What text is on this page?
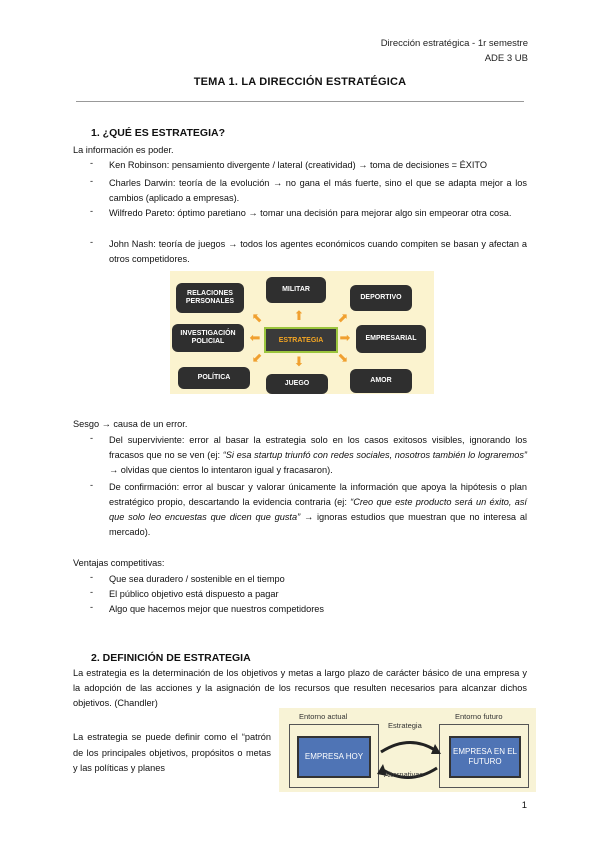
Dirección estratégica - 1r semestre
ADE 3 UB
TEMA 1. LA DIRECCIÓN ESTRATÉGICA
1. ¿QUÉ ES ESTRATEGIA?
La información es poder.
- Ken Robinson: pensamiento divergente / lateral (creatividad) → toma de decisiones = ÉXITO
- Charles Darwin: teoría de la evolución → no gana el más fuerte, sino el que se adapta mejor a los cambios (aplicado a empresas).
- Wilfredo Pareto: óptimo paretiano → tomar una decisión para mejorar algo sin empeorar otra cosa.
- John Nash: teoría de juegos → todos los agentes económicos cuando compiten se basan y afectan a otros competidores.
RELACIONES PERSONALES
MILITAR
DEPORTIVO
INVESTIGACIÓN POLICIAL	ESTRATEGIA	EMPRESARIAL
POLÍTICA
JUEGO	AMOR
⬆
⬇
⬅	➡
⬉	⬈
⬋	⬊
Sesgo → causa de un error.
- Del superviviente: error al basar la estrategia solo en los casos exitosos visibles, ignorando los fracasos que no se ven (ej: “Si esa startup triunfó con redes sociales, nosotros también lo lograremos” → olvidas que cientos lo intentaron igual y fracasaron).
- De confirmación: error al buscar y valorar únicamente la información que apoya la hipótesis o plan estratégico propio, descartando la evidencia contraria (ej: “Creo que este producto será un éxito, así que solo leo encuestas que dicen que gusta” → ignoras estudios que muestran que no interesa al mercado).
Ventajas competitivas:
- Que sea duradero / sostenible en el tiempo
- El público objetivo está dispuesto a pagar
- Algo que hacemos mejor que nuestros competidores
2. DEFINICIÓN DE ESTRATEGIA
La estrategia es la determinación de los objetivos y metas a largo plazo de carácter básico de una empresa y la adopción de las acciones y la asignación de los recursos que resulten necesarios para alcanzar dichos objetivos. (Chandler)
La estrategia se puede definir como el “patrón de los principales objetivos, propósitos o metas y las políticas y planes
Entorno actual	Entorno futuro
Estrategia
EMPRESA HOY
EMPRESA EN EL FUTURO
Alternativas
1
